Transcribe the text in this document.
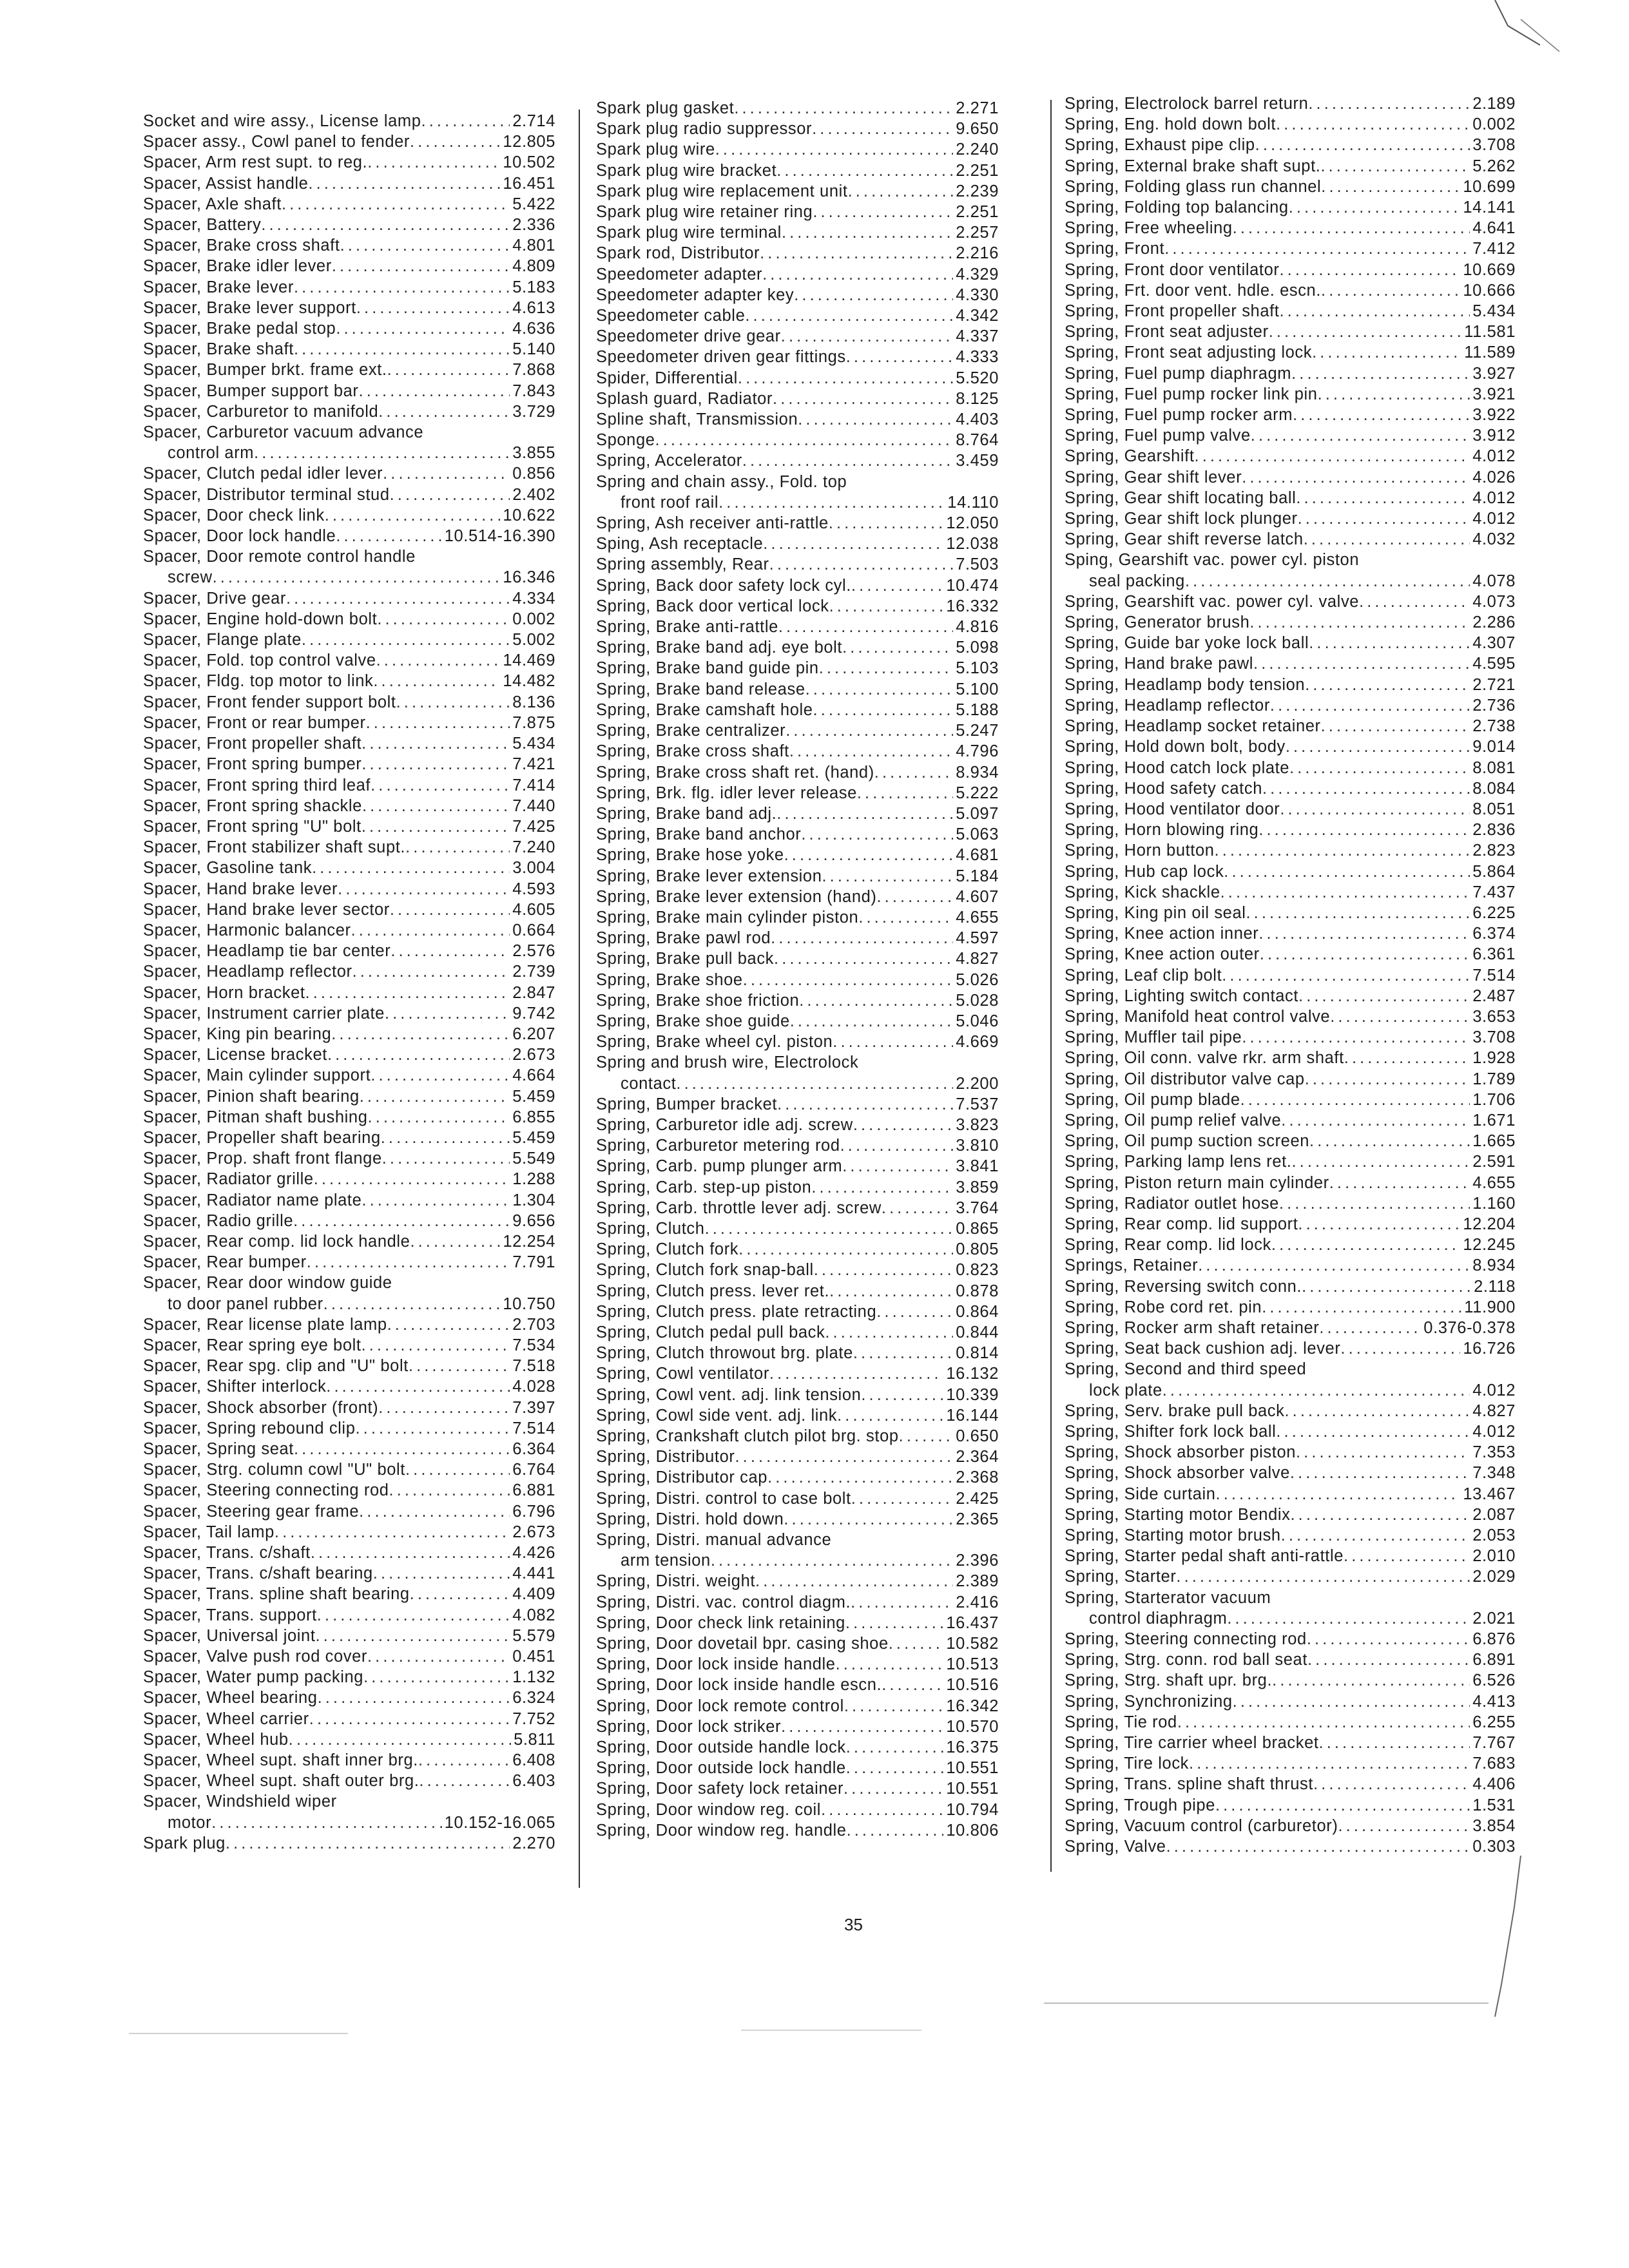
Socket and wire assy., License lamp . . .	2.714
Spacer assy., Cowl panel to fender . . .	12.805
Spacer, Arm rest supt. to reg. . . .	10.502
Spacer, Assist handle . . .	16.451
Spacer, Axle shaft . . .	5.422
Spacer, Battery . . .	2.336
Spacer, Brake cross shaft . . .	4.801
Spacer, Brake idler lever . . .	4.809
Spacer, Brake lever . . .	5.183
Spacer, Brake lever support . . .	4.613
Spacer, Brake pedal stop . . .	4.636
Spacer, Brake shaft . . .	5.140
Spacer, Bumper brkt. frame ext. . . .	7.868
Spacer, Bumper support bar . . .	7.843
Spacer, Carburetor to manifold . . .	3.729
Spacer, Carburetor vacuum advance
control arm . . .	3.855
Spacer, Clutch pedal idler lever . . .	0.856
Spacer, Distributor terminal stud . . .	2.402
Spacer, Door check link . . .	10.622
Spacer, Door lock handle . . .	10.514-16.390
Spacer, Door remote control handle
screw . . .	16.346
Spacer, Drive gear . . .	4.334
Spacer, Engine hold-down bolt . . .	0.002
Spacer, Flange plate . . .	5.002
Spacer, Fold. top control valve . . .	14.469
Spacer, Fldg. top motor to link . . .	14.482
Spacer, Front fender support bolt . . .	8.136
Spacer, Front or rear bumper . . .	7.875
Spacer, Front propeller shaft . . .	5.434
Spacer, Front spring bumper . . .	7.421
Spacer, Front spring third leaf . . .	7.414
Spacer, Front spring shackle . . .	7.440
Spacer, Front spring "U" bolt . . .	7.425
Spacer, Front stabilizer shaft supt. . . .	7.240
Spacer, Gasoline tank . . .	3.004
Spacer, Hand brake lever . . .	4.593
Spacer, Hand brake lever sector . . .	4.605
Spacer, Harmonic balancer . . .	0.664
Spacer, Headlamp tie bar center . . .	2.576
Spacer, Headlamp reflector . . .	2.739
Spacer, Horn bracket . . .	2.847
Spacer, Instrument carrier plate . . .	9.742
Spacer, King pin bearing . . .	6.207
Spacer, License bracket . . .	2.673
Spacer, Main cylinder support . . .	4.664
Spacer, Pinion shaft bearing . . .	5.459
Spacer, Pitman shaft bushing . . .	6.855
Spacer, Propeller shaft bearing . . .	5.459
Spacer, Prop. shaft front flange . . .	5.549
Spacer, Radiator grille . . .	1.288
Spacer, Radiator name plate . . .	1.304
Spacer, Radio grille . . .	9.656
Spacer, Rear comp. lid lock handle . . .	12.254
Spacer, Rear bumper . . .	7.791
Spacer, Rear door window guide
to door panel rubber . . .	10.750
Spacer, Rear license plate lamp . . .	2.703
Spacer, Rear spring eye bolt . . .	7.534
Spacer, Rear spg. clip and "U" bolt . . .	7.518
Spacer, Shifter interlock . . .	4.028
Spacer, Shock absorber (front) . . .	7.397
Spacer, Spring rebound clip . . .	7.514
Spacer, Spring seat . . .	6.364
Spacer, Strg. column cowl "U" bolt . . .	6.764
Spacer, Steering connecting rod . . .	6.881
Spacer, Steering gear frame . . .	6.796
Spacer, Tail lamp . . .	2.673
Spacer, Trans. c/shaft . . .	4.426
Spacer, Trans. c/shaft bearing . . .	4.441
Spacer, Trans. spline shaft bearing . . .	4.409
Spacer, Trans. support . . .	4.082
Spacer, Universal joint . . .	5.579
Spacer, Valve push rod cover . . .	0.451
Spacer, Water pump packing . . .	1.132
Spacer, Wheel bearing . . .	6.324
Spacer, Wheel carrier . . .	7.752
Spacer, Wheel hub . . .	5.811
Spacer, Wheel supt. shaft inner brg. . . .	6.408
Spacer, Wheel supt. shaft outer brg. . . .	6.403
Spacer, Windshield wiper
motor . . .	10.152-16.065
Spark plug . . .	2.270
Spark plug gasket . . .	2.271
Spark plug radio suppressor . . .	9.650
Spark plug wire . . .	2.240
Spark plug wire bracket . . .	2.251
Spark plug wire replacement unit . . .	2.239
Spark plug wire retainer ring . . .	2.251
Spark plug wire terminal . . .	2.257
Spark rod, Distributor . . .	2.216
Speedometer adapter . . .	4.329
Speedometer adapter key . . .	4.330
Speedometer cable . . .	4.342
Speedometer drive gear . . .	4.337
Speedometer driven gear fittings . . .	4.333
Spider, Differential . . .	5.520
Splash guard, Radiator . . .	8.125
Spline shaft, Transmission . . .	4.403
Sponge . . .	8.764
Spring, Accelerator . . .	3.459
Spring and chain assy., Fold. top
front roof rail . . .	14.110
Spring, Ash receiver anti-rattle . . .	12.050
Sping, Ash receptacle . . .	12.038
Spring assembly, Rear . . .	7.503
Spring, Back door safety lock cyl. . . .	10.474
Spring, Back door vertical lock . . .	16.332
Spring, Brake anti-rattle . . .	4.816
Spring, Brake band adj. eye bolt . . .	5.098
Spring, Brake band guide pin . . .	5.103
Spring, Brake band release . . .	5.100
Spring, Brake camshaft hole . . .	5.188
Spring, Brake centralizer . . .	5.247
Spring, Brake cross shaft . . .	4.796
Spring, Brake cross shaft ret. (hand) . . .	8.934
Spring, Brk. flg. idler lever release . . .	5.222
Spring, Brake band adj. . . .	5.097
Spring, Brake band anchor . . .	5.063
Spring, Brake hose yoke . . .	4.681
Spring, Brake lever extension . . .	5.184
Spring, Brake lever extension (hand) . . .	4.607
Spring, Brake main cylinder piston . . .	4.655
Spring, Brake pawl rod . . .	4.597
Spring, Brake pull back . . .	4.827
Spring, Brake shoe . . .	5.026
Spring, Brake shoe friction . . .	5.028
Spring, Brake shoe guide . . .	5.046
Spring, Brake wheel cyl. piston . . .	4.669
Spring and brush wire, Electrolock
contact . . .	2.200
Spring, Bumper bracket . . .	7.537
Spring, Carburetor idle adj. screw . . .	3.823
Spring, Carburetor metering rod . . .	3.810
Spring, Carb. pump plunger arm . . .	3.841
Spring, Carb. step-up piston . . .	3.859
Spring, Carb. throttle lever adj. screw . . .	3.764
Spring, Clutch . . .	0.865
Spring, Clutch fork . . .	0.805
Spring, Clutch fork snap-ball . . .	0.823
Spring, Clutch press. lever ret. . . .	0.878
Spring, Clutch press. plate retracting . . .	0.864
Spring, Clutch pedal pull back . . .	0.844
Spring, Clutch throwout brg. plate . . .	0.814
Spring, Cowl ventilator . . .	16.132
Spring, Cowl vent. adj. link tension . . .	10.339
Spring, Cowl side vent. adj. link . . .	16.144
Spring, Crankshaft clutch pilot brg. stop . . .	0.650
Spring, Distributor . . .	2.364
Spring, Distributor cap . . .	2.368
Spring, Distri. control to case bolt . . .	2.425
Spring, Distri. hold down . . .	2.365
Spring, Distri. manual advance
arm tension . . .	2.396
Spring, Distri. weight . . .	2.389
Spring, Distri. vac. control diagm. . . .	2.416
Spring, Door check link retaining . . .	16.437
Spring, Door dovetail bpr. casing shoe . . .	10.582
Spring, Door lock inside handle . . .	10.513
Spring, Door lock inside handle escn. . . .	10.516
Spring, Door lock remote control . . .	16.342
Spring, Door lock striker . . .	10.570
Spring, Door outside handle lock . . .	16.375
Spring, Door outside lock handle . . .	10.551
Spring, Door safety lock retainer . . .	10.551
Spring, Door window reg. coil . . .	10.794
Spring, Door window reg. handle . . .	10.806
Spring, Electrolock barrel return . . .	2.189
Spring, Eng. hold down bolt . . .	0.002
Spring, Exhaust pipe clip . . .	3.708
Spring, External brake shaft supt. . . .	5.262
Spring, Folding glass run channel . . .	10.699
Spring, Folding top balancing . . .	14.141
Spring, Free wheeling . . .	4.641
Spring, Front . . .	7.412
Spring, Front door ventilator . . .	10.669
Spring, Frt. door vent. hdle. escn. . . .	10.666
Spring, Front propeller shaft . . .	5.434
Spring, Front seat adjuster . . .	11.581
Spring, Front seat adjusting lock . . .	11.589
Spring, Fuel pump diaphragm . . .	3.927
Spring, Fuel pump rocker link pin . . .	3.921
Spring, Fuel pump rocker arm . . .	3.922
Spring, Fuel pump valve . . .	3.912
Spring, Gearshift . . .	4.012
Spring, Gear shift lever . . .	4.026
Spring, Gear shift locating ball . . .	4.012
Spring, Gear shift lock plunger . . .	4.012
Spring, Gear shift reverse latch . . .	4.032
Sping, Gearshift vac. power cyl. piston
seal packing . . .	4.078
Spring, Gearshift vac. power cyl. valve . . .	4.073
Spring, Generator brush . . .	2.286
Spring, Guide bar yoke lock ball . . .	4.307
Spring, Hand brake pawl . . .	4.595
Spring, Headlamp body tension . . .	2.721
Spring, Headlamp reflector . . .	2.736
Spring, Headlamp socket retainer . . .	2.738
Spring, Hold down bolt, body . . .	9.014
Spring, Hood catch lock plate . . .	8.081
Spring, Hood safety catch . . .	8.084
Spring, Hood ventilator door . . .	8.051
Spring, Horn blowing ring . . .	2.836
Spring, Horn button . . .	2.823
Spring, Hub cap lock . . .	5.864
Spring, Kick shackle . . .	7.437
Spring, King pin oil seal . . .	6.225
Spring, Knee action inner . . .	6.374
Spring, Knee action outer . . .	6.361
Spring, Leaf clip bolt . . .	7.514
Spring, Lighting switch contact . . .	2.487
Spring, Manifold heat control valve . . .	3.653
Spring, Muffler tail pipe . . .	3.708
Spring, Oil conn. valve rkr. arm shaft . . .	1.928
Spring, Oil distributor valve cap . . .	1.789
Spring, Oil pump blade . . .	1.706
Spring, Oil pump relief valve . . .	1.671
Spring, Oil pump suction screen . . .	1.665
Spring, Parking lamp lens ret. . . .	2.591
Spring, Piston return main cylinder . . .	4.655
Spring, Radiator outlet hose . . .	1.160
Spring, Rear comp. lid support . . .	12.204
Spring, Rear comp. lid lock . . .	12.245
Springs, Retainer . . .	8.934
Spring, Reversing switch conn. . . .	2.118
Spring, Robe cord ret. pin . . .	11.900
Spring, Rocker arm shaft retainer . . .	0.376-0.378
Spring, Seat back cushion adj. lever . . .	16.726
Spring, Second and third speed
lock plate . . .	4.012
Spring, Serv. brake pull back . . .	4.827
Spring, Shifter fork lock ball . . .	4.012
Spring, Shock absorber piston . . .	7.353
Spring, Shock absorber valve . . .	7.348
Spring, Side curtain . . .	13.467
Spring, Starting motor Bendix . . .	2.087
Spring, Starting motor brush . . .	2.053
Spring, Starter pedal shaft anti-rattle . . .	2.010
Spring, Starter . . .	2.029
Spring, Starterator vacuum
control diaphragm . . .	2.021
Spring, Steering connecting rod . . .	6.876
Spring, Strg. conn. rod ball seat . . .	6.891
Spring, Strg. shaft upr. brg. . . .	6.526
Spring, Synchronizing . . .	4.413
Spring, Tie rod . . .	6.255
Spring, Tire carrier wheel bracket . . .	7.767
Spring, Tire lock . . .	7.683
Spring, Trans. spline shaft thrust . . .	4.406
Spring, Trough pipe . . .	1.531
Spring, Vacuum control (carburetor) . . .	3.854
Spring, Valve . . .	0.303
35
